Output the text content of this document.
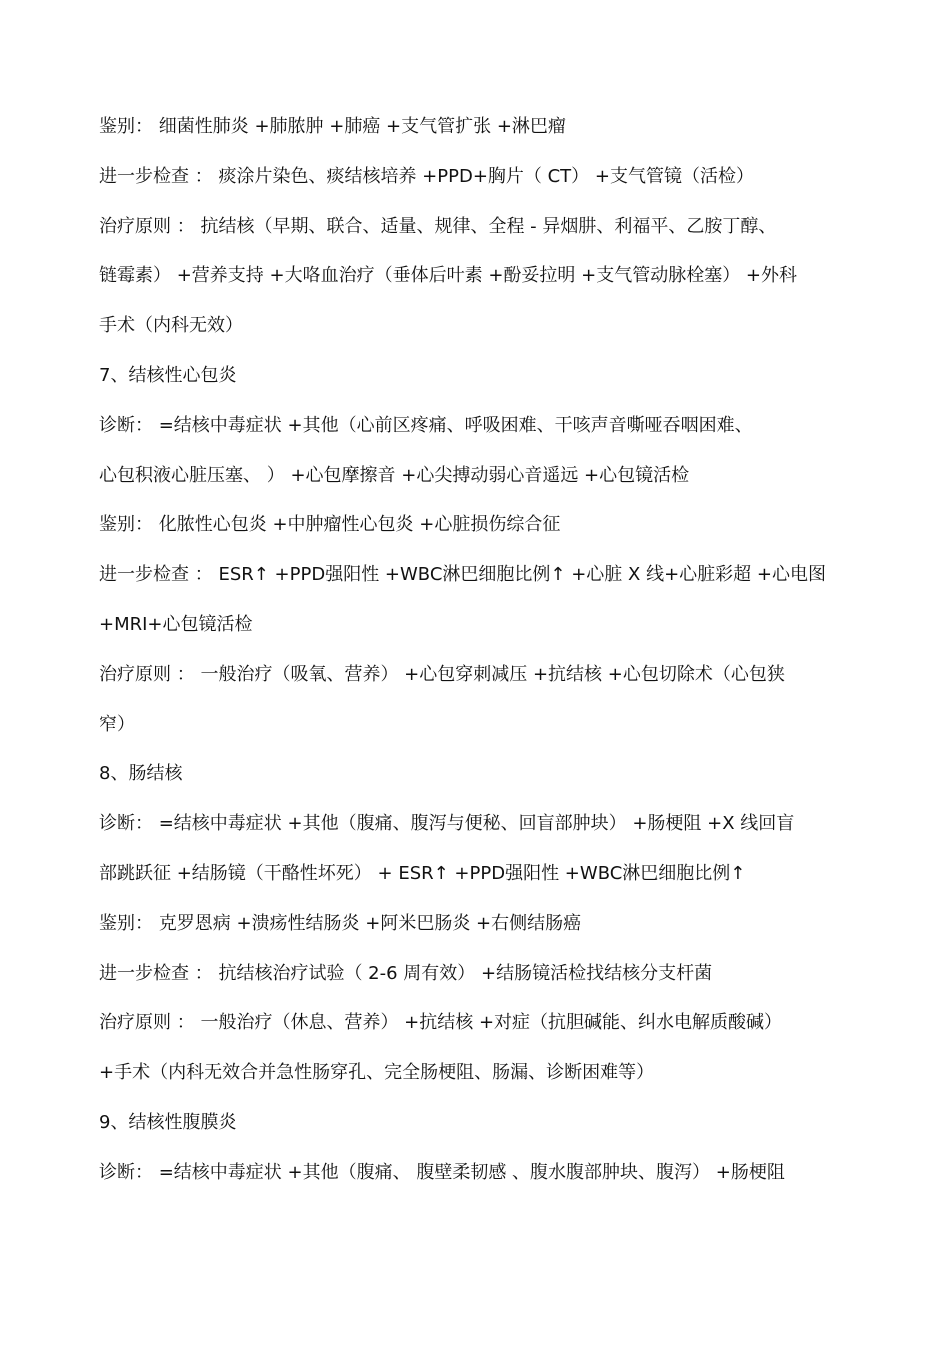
鉴别： 细菌性肺炎 +肺脓肿 +肺癌 +支气管扩张 +淋巴瘤
进一步检查 ： 痰涂片染色、痰结核培养 +PPD+胸片（ CT） +支气管镜（活检）
治疗原则 ： 抗结核（早期、联合、适量、规律、全程 - 异烟肼、利福平、乙胺丁醇、
链霉素） +营养支持 +大咯血治疗（垂体后叶素 +酚妥拉明 +支气管动脉栓塞） +外科
手术（内科无效）
7、结核性心包炎
诊断： =结核中毒症状 +其他（心前区疼痛、呼吸困难、干咳声音嘶哑吞咽困难、
心包积液心脏压塞、 ） +心包摩擦音 +心尖搏动弱心音遥远 +心包镜活检
鉴别： 化脓性心包炎 +中肿瘤性心包炎 +心脏损伤综合征
进一步检查 ： ESR↑ +PPD强阳性 +WBC淋巴细胞比例↑ +心脏 X 线+心脏彩超 +心电图
+MRI+心包镜活检
治疗原则 ： 一般治疗（吸氧、营养） +心包穿刺减压 +抗结核 +心包切除术（心包狭
窄）
8、肠结核
诊断： =结核中毒症状 +其他（腹痛、腹泻与便秘、回盲部肿块） +肠梗阻 +X 线回盲
部跳跃征 +结肠镜（干酪性坏死） + ESR↑ +PPD强阳性 +WBC淋巴细胞比例↑
鉴别： 克罗恩病 +溃疡性结肠炎 +阿米巴肠炎 +右侧结肠癌
进一步检查 ： 抗结核治疗试验（ 2-6 周有效） +结肠镜活检找结核分支杆菌
治疗原则 ： 一般治疗（休息、营养） +抗结核 +对症（抗胆碱能、纠水电解质酸碱）
+手术（内科无效合并急性肠穿孔、完全肠梗阻、肠漏、诊断困难等）
9、结核性腹膜炎
诊断： =结核中毒症状 +其他（腹痛、 腹壁柔韧感 、腹水腹部肿块、腹泻） +肠梗阻
